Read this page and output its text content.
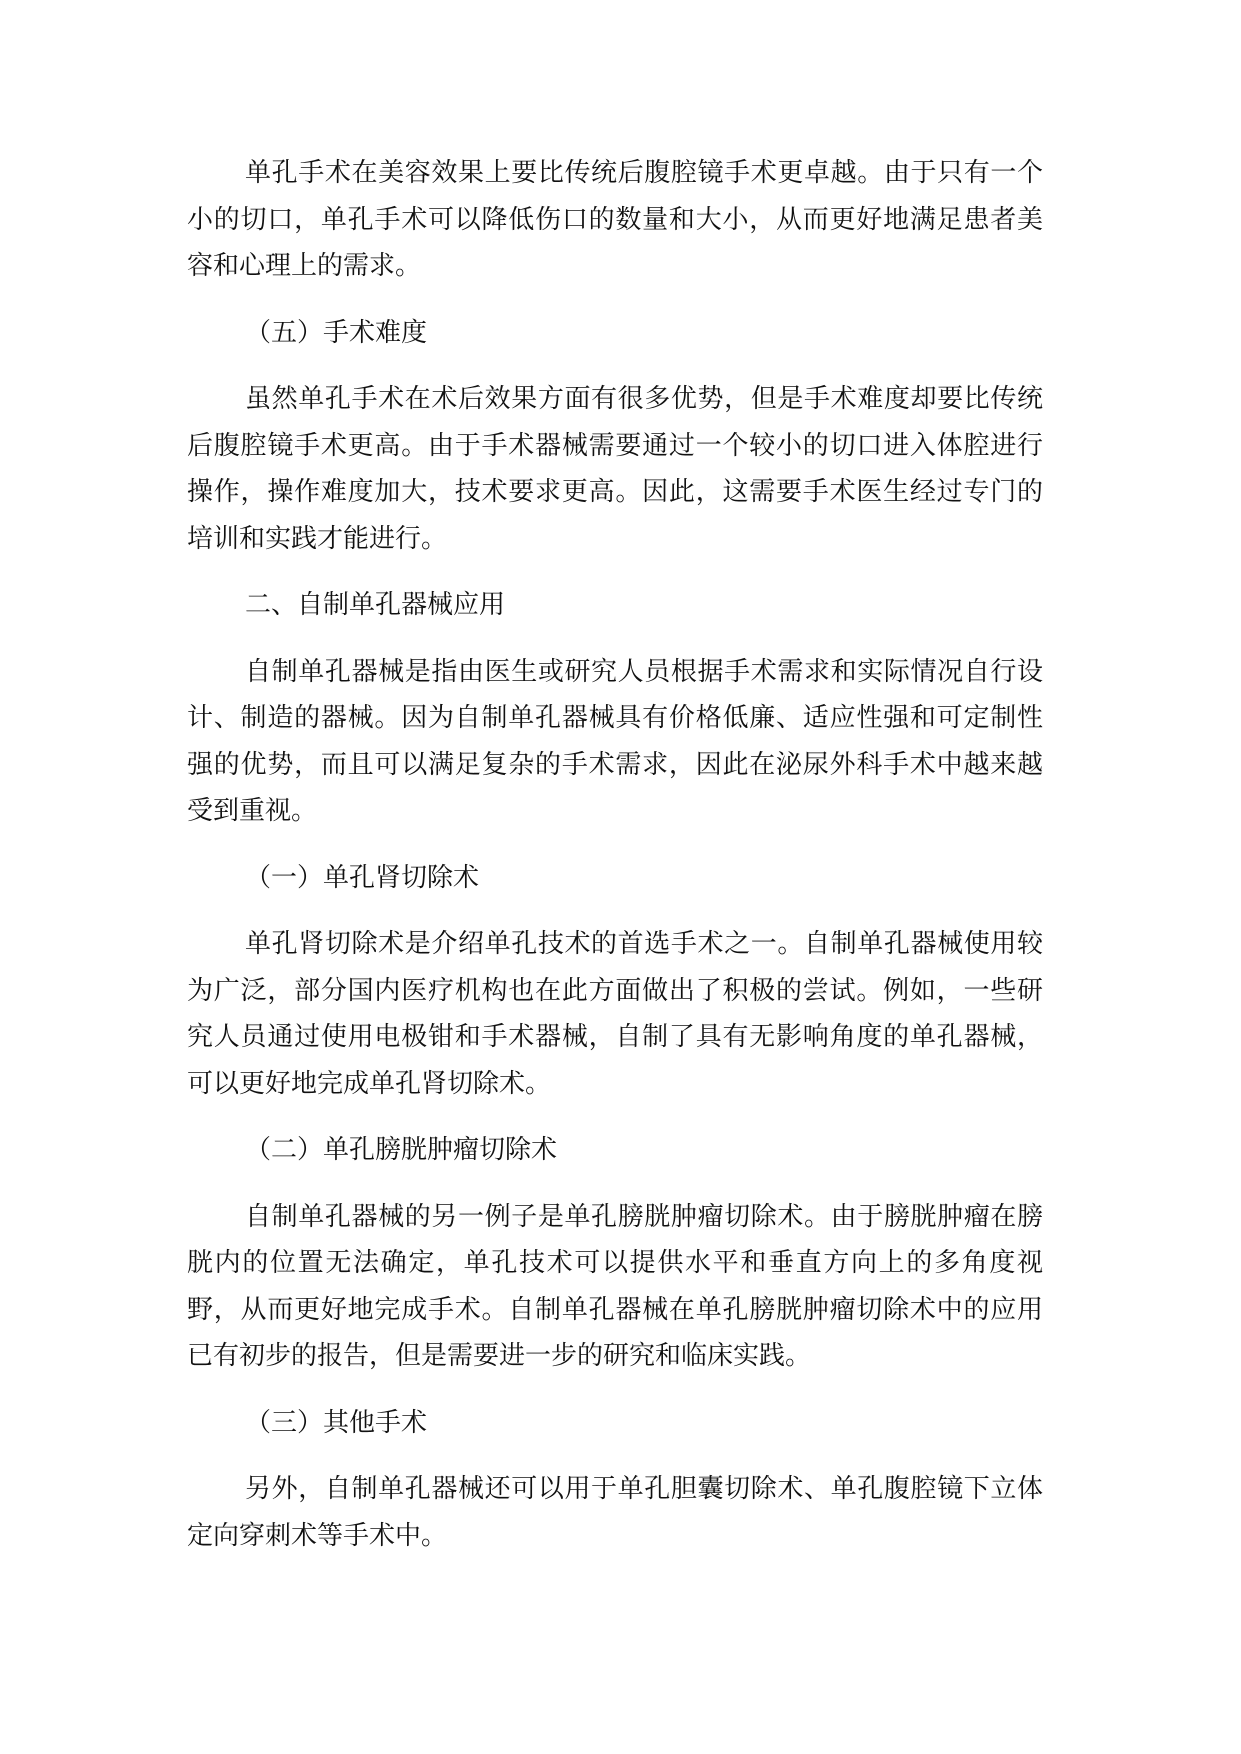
单孔手术在美容效果上要比传统后腹腔镜手术更卓越。由于只有一个小的切口，单孔手术可以降低伤口的数量和大小，从而更好地满足患者美容和心理上的需求。

（五）手术难度

虽然单孔手术在术后效果方面有很多优势，但是手术难度却要比传统后腹腔镜手术更高。由于手术器械需要通过一个较小的切口进入体腔进行操作，操作难度加大，技术要求更高。因此，这需要手术医生经过专门的培训和实践才能进行。

二、自制单孔器械应用

自制单孔器械是指由医生或研究人员根据手术需求和实际情况自行设计、制造的器械。因为自制单孔器械具有价格低廉、适应性强和可定制性强的优势，而且可以满足复杂的手术需求，因此在泌尿外科手术中越来越受到重视。

（一）单孔肾切除术

单孔肾切除术是介绍单孔技术的首选手术之一。自制单孔器械使用较为广泛，部分国内医疗机构也在此方面做出了积极的尝试。例如，一些研究人员通过使用电极钳和手术器械，自制了具有无影响角度的单孔器械，可以更好地完成单孔肾切除术。

（二）单孔膀胱肿瘤切除术

自制单孔器械的另一例子是单孔膀胱肿瘤切除术。由于膀胱肿瘤在膀胱内的位置无法确定，单孔技术可以提供水平和垂直方向上的多角度视野，从而更好地完成手术。自制单孔器械在单孔膀胱肿瘤切除术中的应用已有初步的报告，但是需要进一步的研究和临床实践。

（三）其他手术

另外，自制单孔器械还可以用于单孔胆囊切除术、单孔腹腔镜下立体定向穿刺术等手术中。
